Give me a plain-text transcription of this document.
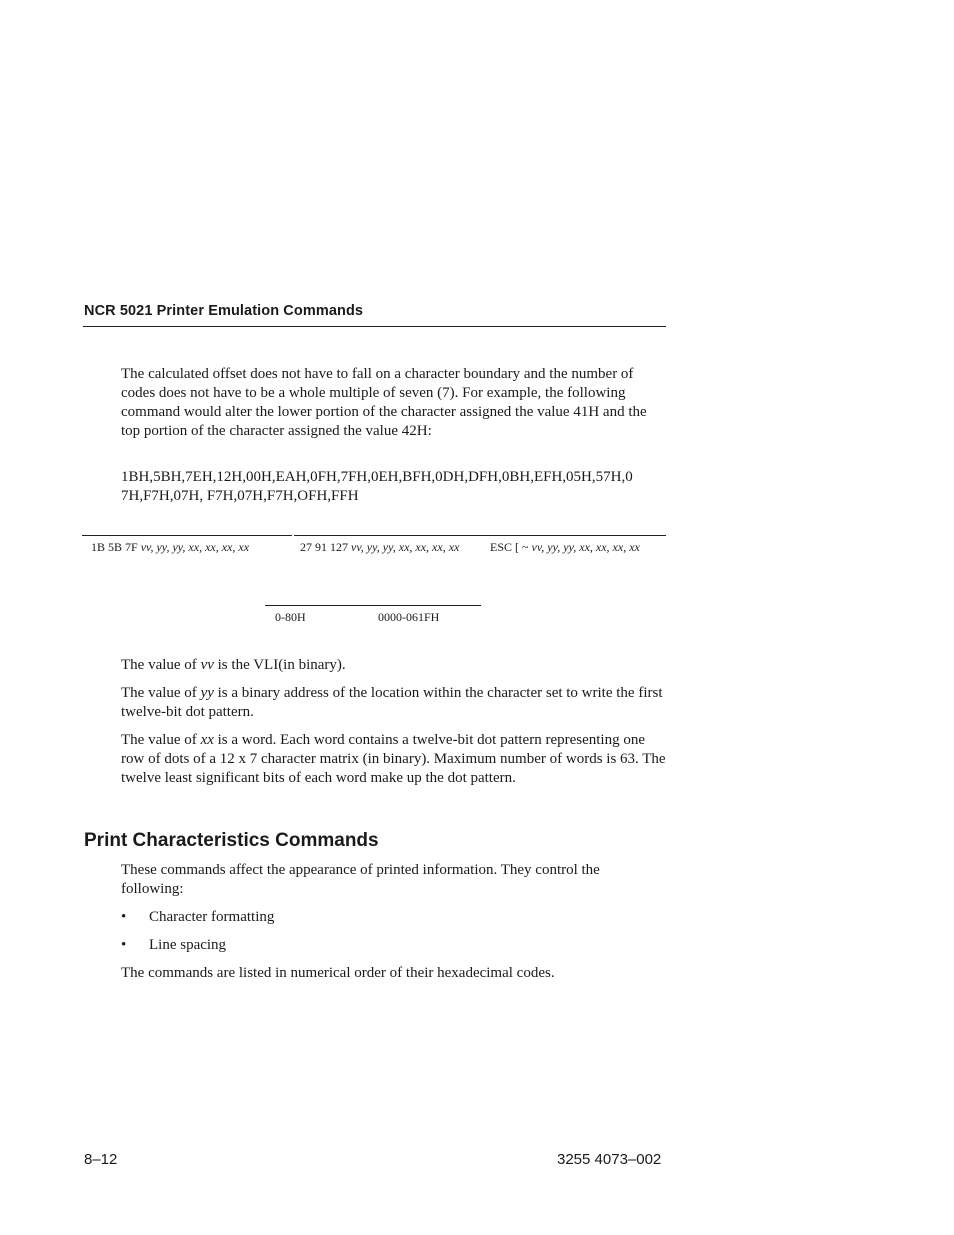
NCR 5021 Printer Emulation Commands

The calculated offset does not have to fall on a character boundary and the number of codes does not have to be a whole multiple of seven (7). For example, the following command would alter the lower portion of the character assigned the value 41H and the top portion of the character assigned the value 42H:

1BH,5BH,7EH,12H,00H,EAH,0FH,7FH,0EH,BFH,0DH,DFH,0BH,EFH,05H,57H,0
7H,F7H,07H, F7H,07H,F7H,OFH,FFH
1B 5B 7F vv, yy, yy, xx, xx, xx, xx	27 91 127 vv, yy, yy, xx, xx, xx, xx	ESC [ ~ vv, yy, yy, xx, xx, xx, xx
0-80H	0000-061FH

The value of vv is the VLI(in binary).

The value of yy is a binary address of the location within the character set to write the first twelve-bit dot pattern.

The value of xx is a word. Each word contains a twelve-bit dot pattern representing one row of dots of a 12 x 7 character matrix (in binary). Maximum number of words is 63. The twelve least significant bits of each word make up the dot pattern.

Print Characteristics Commands

These commands affect the appearance of printed information. They control the following:

• Character formatting
• Line spacing

The commands are listed in numerical order of their hexadecimal codes.

8–12	3255 4073–002
